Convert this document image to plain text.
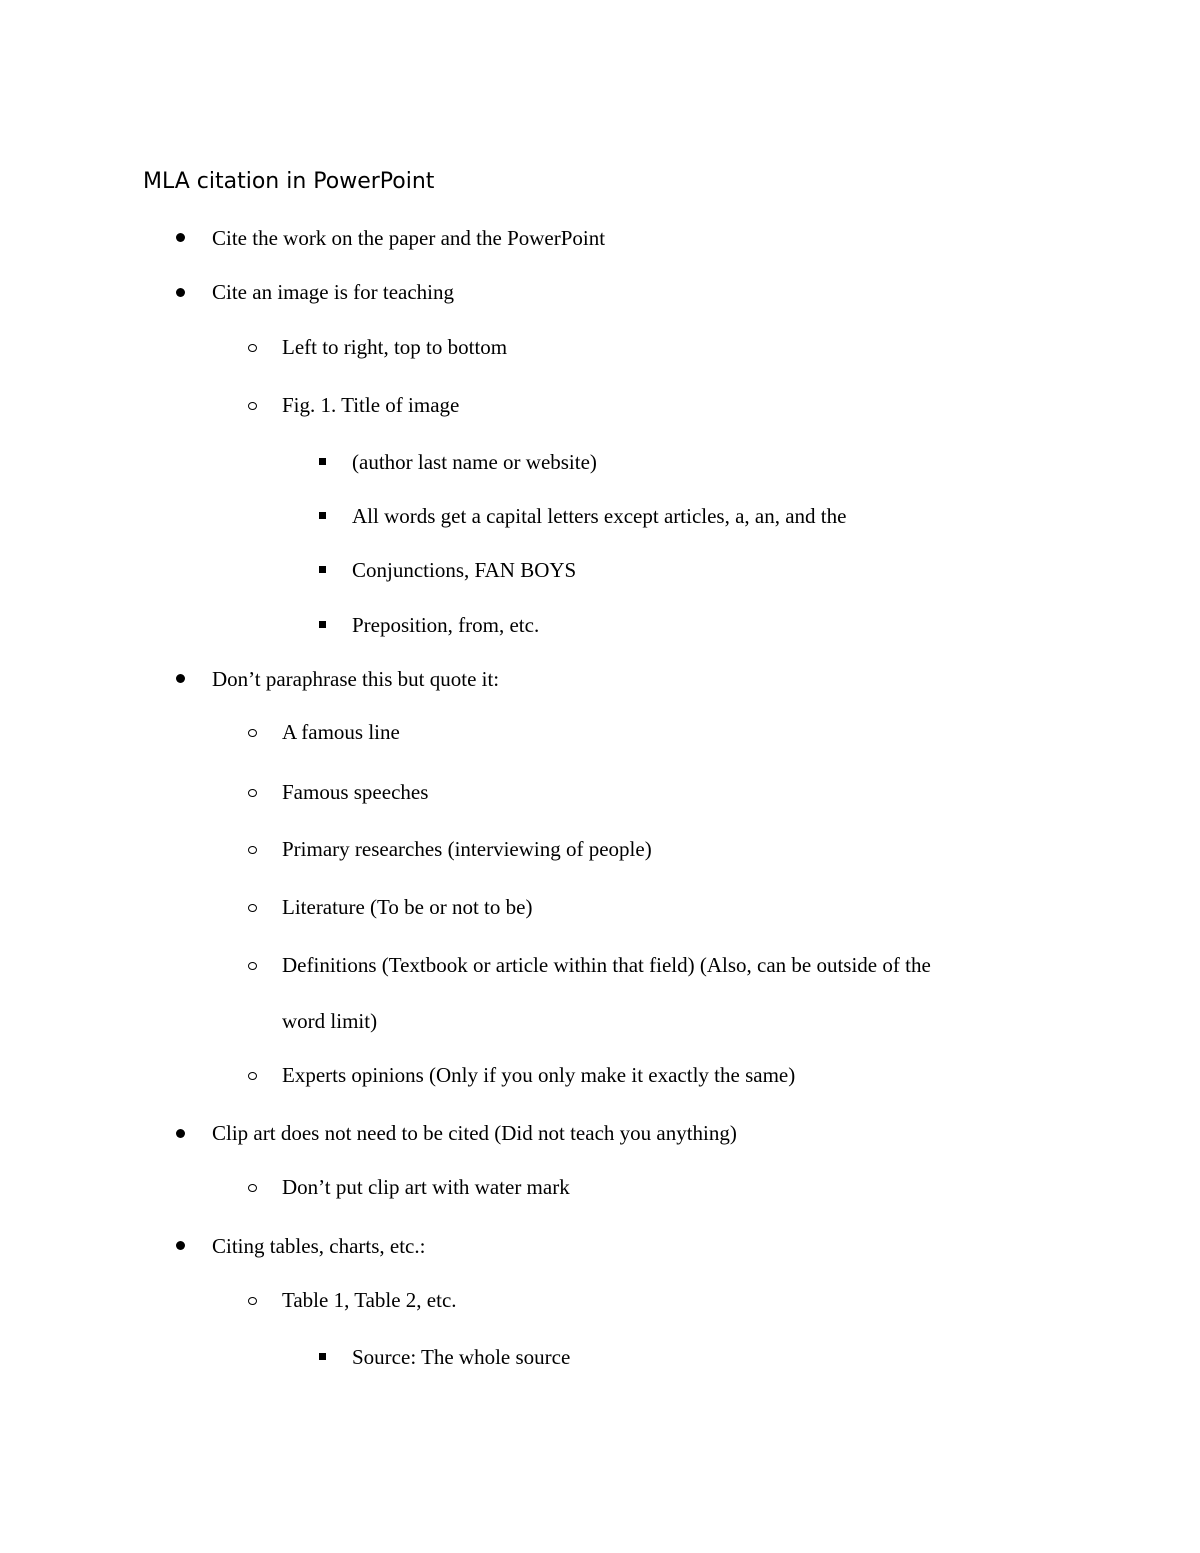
MLA citation in PowerPoint
Cite the work on the paper and the PowerPoint
Cite an image is for teaching
Left to right, top to bottom
Fig. 1. Title of image
(author last name or website)
All words get a capital letters except articles, a, an, and the
Conjunctions, FAN BOYS
Preposition, from, etc.
Don’t paraphrase this but quote it:
A famous line
Famous speeches
Primary researches (interviewing of people)
Literature (To be or not to be)
Definitions (Textbook or article within that field) (Also, can be outside of the
word limit)
Experts opinions (Only if you only make it exactly the same)
Clip art does not need to be cited (Did not teach you anything)
Don’t put clip art with water mark
Citing tables, charts, etc.:
Table 1, Table 2, etc.
Source: The whole source
